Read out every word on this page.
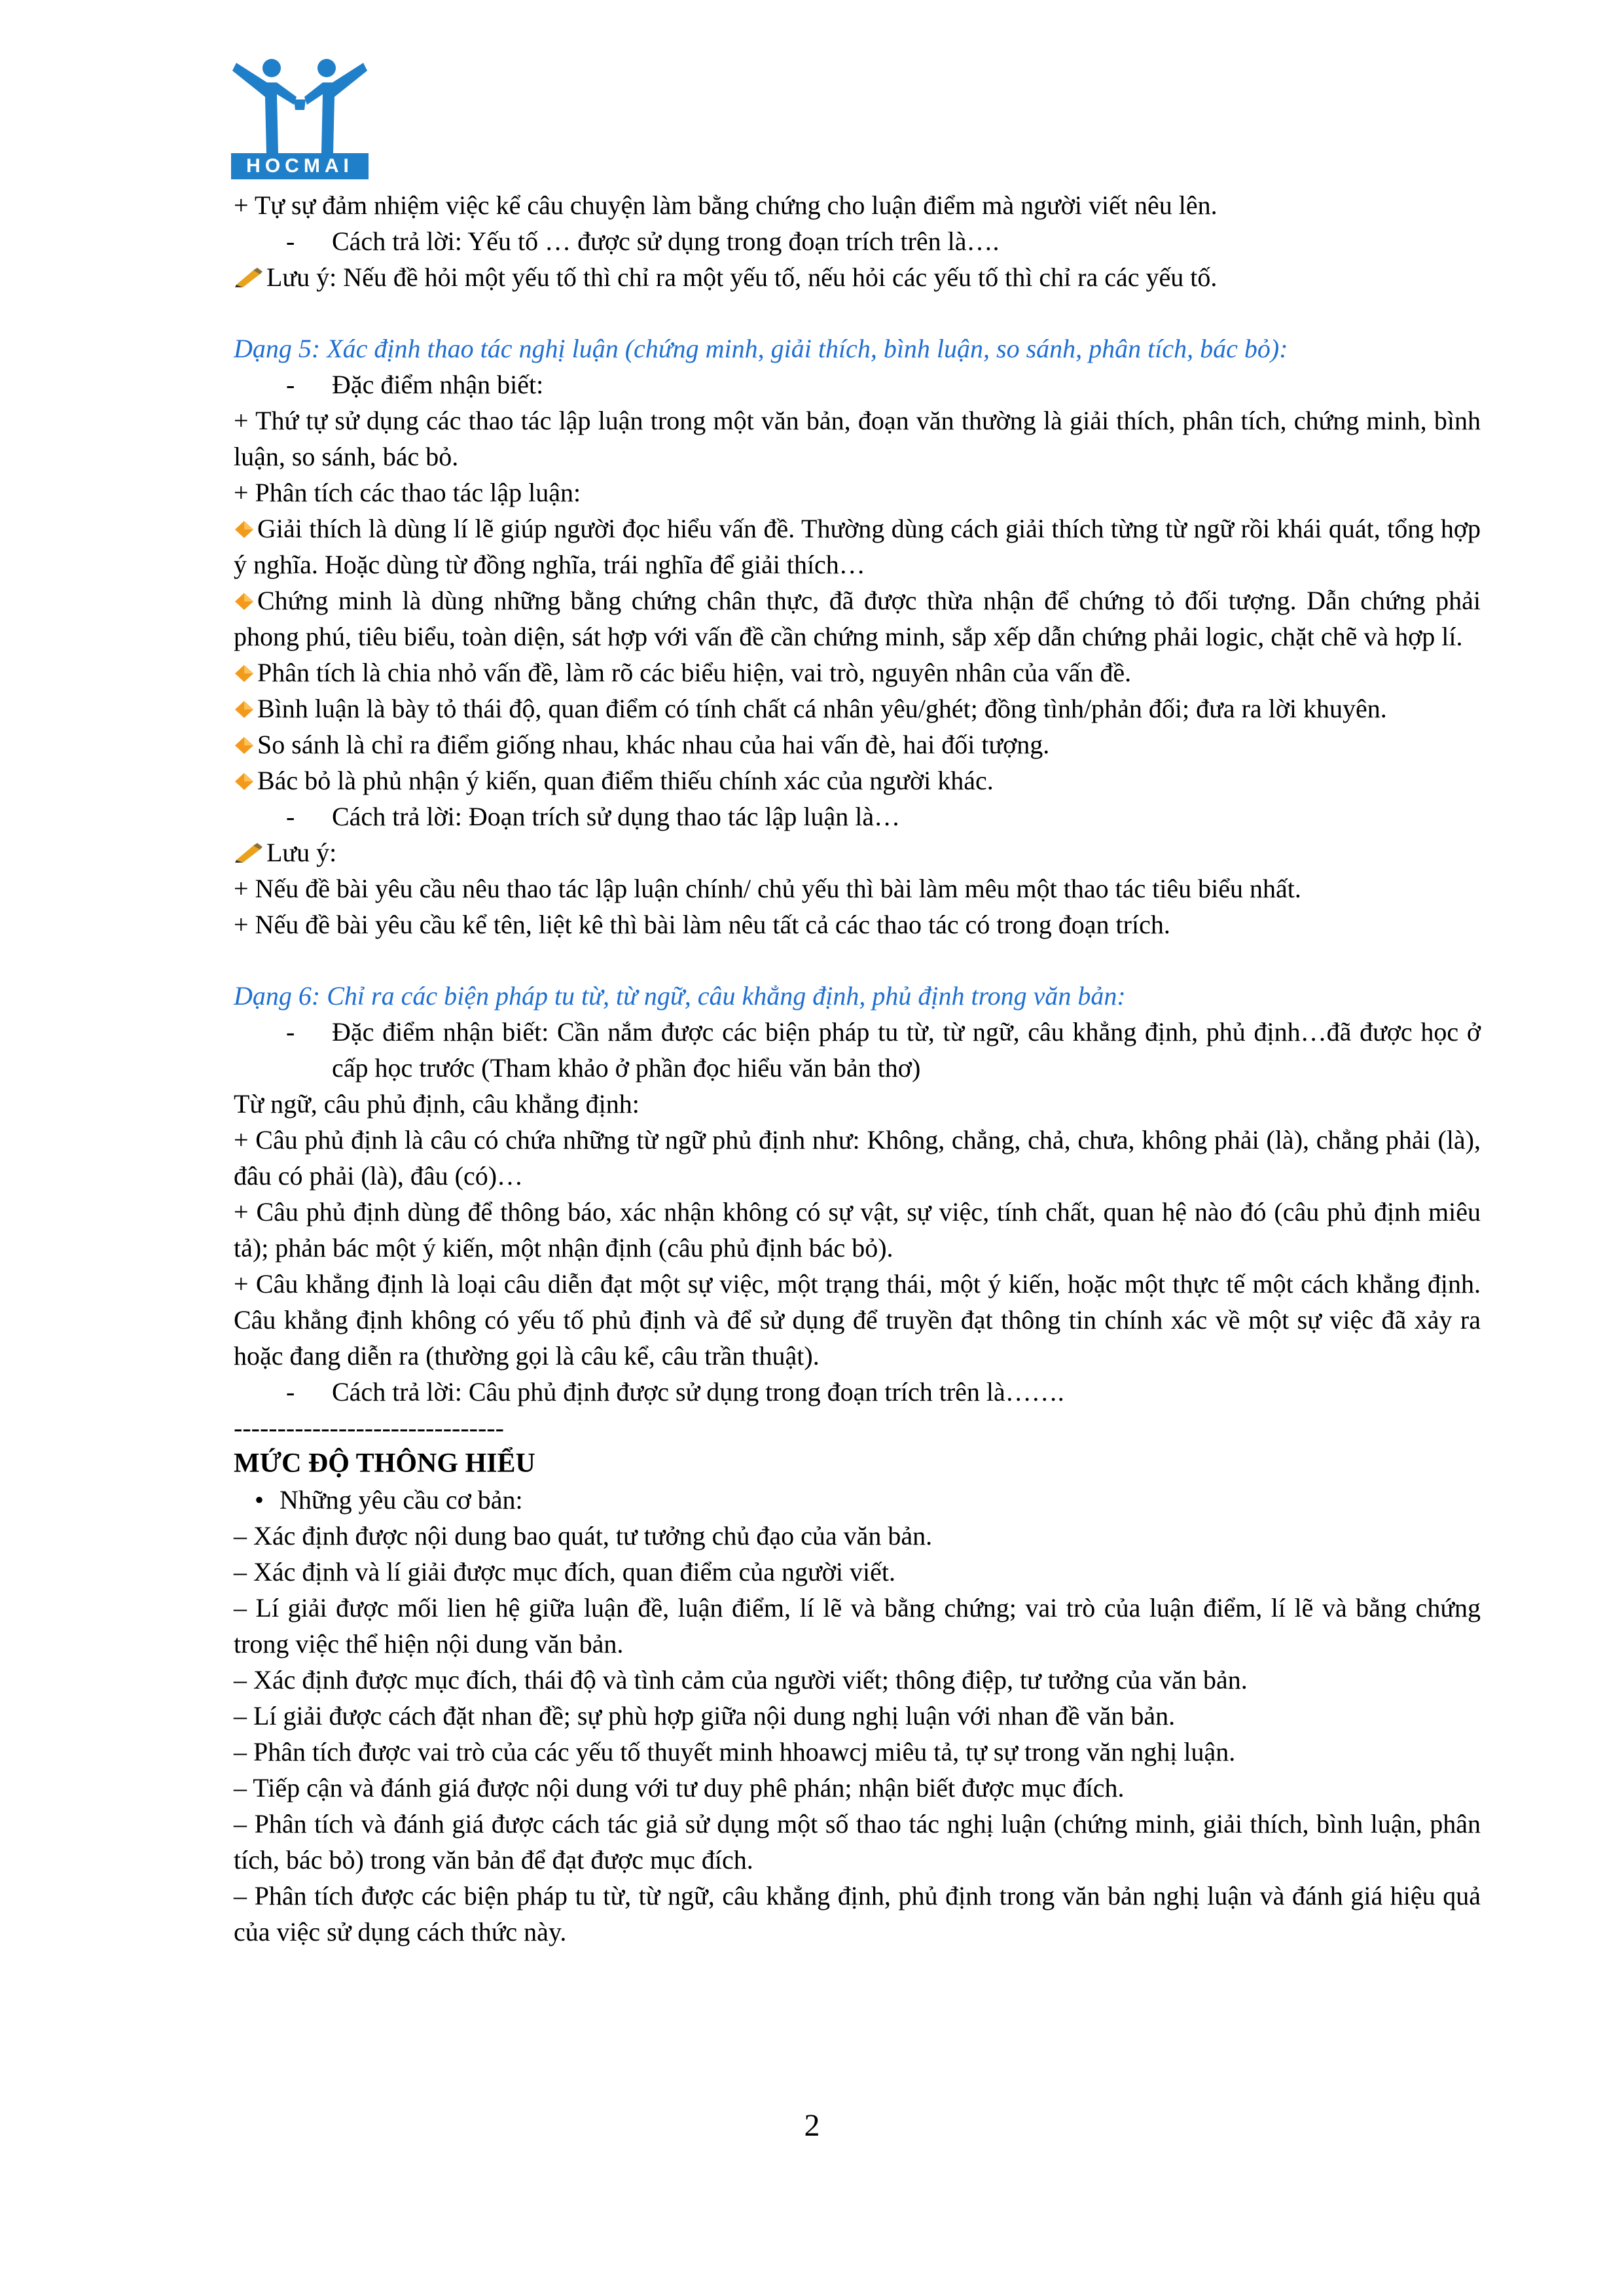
HOCMAI
+ Tự sự đảm nhiệm việc kể câu chuyện làm bằng chứng cho luận điểm mà người viết nêu lên.
- Cách trả lời: Yếu tố … được sử dụng trong đoạn trích trên là….
Lưu ý: Nếu đề hỏi một yếu tố thì chỉ ra một yếu tố, nếu hỏi các yếu tố thì chỉ ra các yếu tố.
Dạng 5: Xác định thao tác nghị luận (chứng minh, giải thích, bình luận, so sánh, phân tích, bác bỏ):
- Đặc điểm nhận biết:
+ Thứ tự sử dụng các thao tác lập luận trong một văn bản, đoạn văn thường là giải thích, phân tích, chứng minh, bình luận, so sánh, bác bỏ.
+ Phân tích các thao tác lập luận:
Giải thích là dùng lí lẽ giúp người đọc hiểu vấn đề. Thường dùng cách giải thích từng từ ngữ rồi khái quát, tổng hợp ý nghĩa. Hoặc dùng từ đồng nghĩa, trái nghĩa để giải thích…
Chứng minh là dùng những bằng chứng chân thực, đã được thừa nhận để chứng tỏ đối tượng. Dẫn chứng phải phong phú, tiêu biểu, toàn diện, sát hợp với vấn đề cần chứng minh, sắp xếp dẫn chứng phải logic, chặt chẽ và hợp lí.
Phân tích là chia nhỏ vấn đề, làm rõ các biểu hiện, vai trò, nguyên nhân của vấn đề.
Bình luận là bày tỏ thái độ, quan điểm có tính chất cá nhân yêu/ghét; đồng tình/phản đối; đưa ra lời khuyên.
So sánh là chỉ ra điểm giống nhau, khác nhau của hai vấn đè, hai đối tượng.
Bác bỏ là phủ nhận ý kiến, quan điểm thiếu chính xác của người khác.
- Cách trả lời: Đoạn trích sử dụng thao tác lập luận là…
Lưu ý:
+ Nếu đề bài yêu cầu nêu thao tác lập luận chính/ chủ yếu thì bài làm mêu một thao tác tiêu biểu nhất.
+ Nếu đề bài yêu cầu kể tên, liệt kê thì bài làm nêu tất cả các thao tác có trong đoạn trích.
Dạng 6: Chỉ ra các biện pháp tu từ, từ ngữ, câu khẳng định, phủ định trong văn bản:
-	Đặc điểm nhận biết: Cần nắm được các biện pháp tu từ, từ ngữ, câu khẳng định, phủ định…đã được học ở cấp học trước (Tham khảo ở phần đọc hiểu văn bản thơ)
Từ ngữ, câu phủ định, câu khẳng định:
+ Câu phủ định là câu có chứa những từ ngữ phủ định như: Không, chẳng, chả, chưa, không phải (là), chẳng phải (là), đâu có phải (là), đâu (có)…
+ Câu phủ định dùng để thông báo, xác nhận không có sự vật, sự việc, tính chất, quan hệ nào đó (câu phủ định miêu tả); phản bác một ý kiến, một nhận định (câu phủ định bác bỏ).
+ Câu khẳng định là loại câu diễn đạt một sự việc, một trạng thái, một ý kiến, hoặc một thực tế một cách khẳng định. Câu khẳng định không có yếu tố phủ định và để sử dụng để truyền đạt thông tin chính xác về một sự việc đã xảy ra hoặc đang diễn ra (thường gọi là câu kể, câu trần thuật).
- Cách trả lời: Câu phủ định được sử dụng trong đoạn trích trên là…….
-------------------------------
MỨC ĐỘ THÔNG HIỂU
• Những yêu cầu cơ bản:
– Xác định được nội dung bao quát, tư tưởng chủ đạo của văn bản.
– Xác định và lí giải được mục đích, quan điểm của người viết.
– Lí giải được mối lien hệ giữa luận đề, luận điểm, lí lẽ và bằng chứng; vai trò của luận điểm, lí lẽ và bằng chứng trong việc thể hiện nội dung văn bản.
– Xác định được mục đích, thái độ và tình cảm của người viết; thông điệp, tư tưởng của văn bản.
– Lí giải được cách đặt nhan đề; sự phù hợp giữa nội dung nghị luận với nhan đề văn bản.
– Phân tích được vai trò của các yếu tố thuyết minh hhoawcj miêu tả, tự sự trong văn nghị luận.
– Tiếp cận và đánh giá được nội dung với tư duy phê phán; nhận biết được mục đích.
– Phân tích và đánh giá được cách tác giả sử dụng một số thao tác nghị luận (chứng minh, giải thích, bình luận, phân tích, bác bỏ) trong văn bản để đạt được mục đích.
– Phân tích được các biện pháp tu từ, từ ngữ, câu khẳng định, phủ định trong văn bản nghị luận và đánh giá hiệu quả của việc sử dụng cách thức này.
2
